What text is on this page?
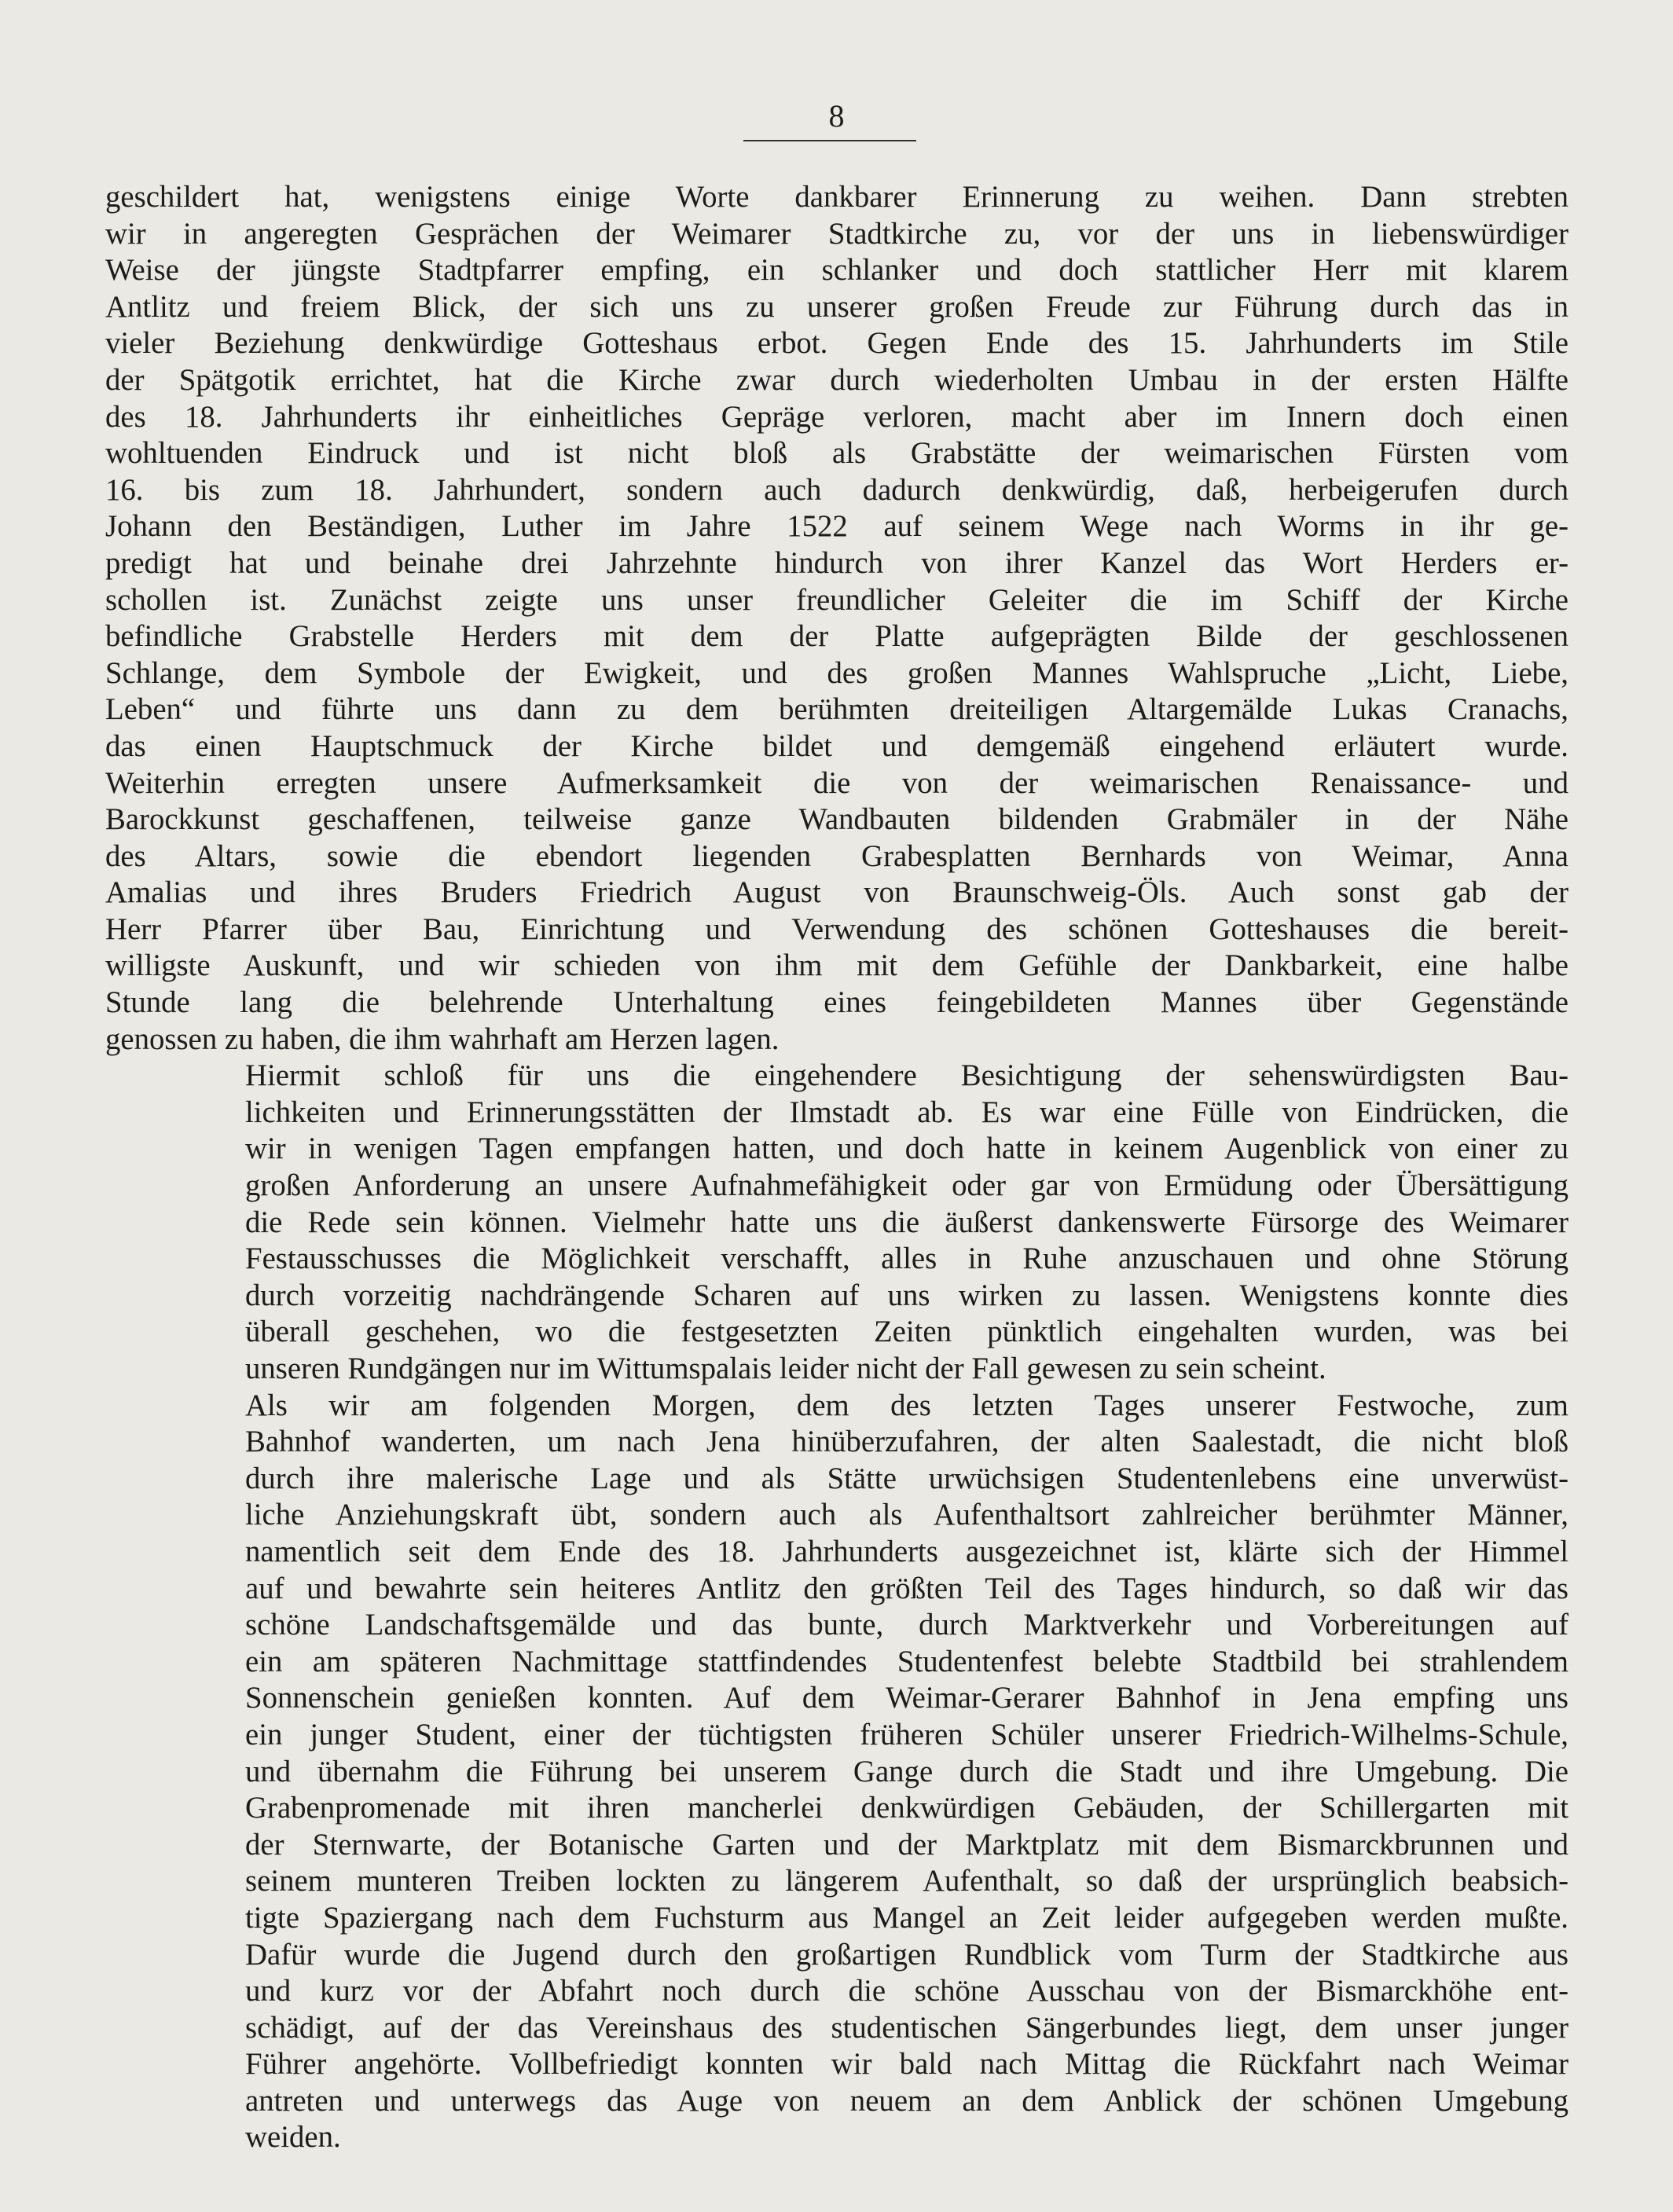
8
geschildert hat, wenigstens einige Worte dankbarer Erinnerung zu weihen. Dann strebten
wir in angeregten Gesprächen der Weimarer Stadtkirche zu, vor der uns in liebenswürdiger
Weise der jüngste Stadtpfarrer empfing, ein schlanker und doch stattlicher Herr mit klarem
Antlitz und freiem Blick, der sich uns zu unserer großen Freude zur Führung durch das in
vieler Beziehung denkwürdige Gotteshaus erbot. Gegen Ende des 15. Jahrhunderts im Stile
der Spätgotik errichtet, hat die Kirche zwar durch wiederholten Umbau in der ersten Hälfte
des 18. Jahrhunderts ihr einheitliches Gepräge verloren, macht aber im Innern doch einen
wohltuenden Eindruck und ist nicht bloß als Grabstätte der weimarischen Fürsten vom
16. bis zum 18. Jahrhundert, sondern auch dadurch denkwürdig, daß, herbeigerufen durch
Johann den Beständigen, Luther im Jahre 1522 auf seinem Wege nach Worms in ihr ge-
predigt hat und beinahe drei Jahrzehnte hindurch von ihrer Kanzel das Wort Herders er-
schollen ist. Zunächst zeigte uns unser freundlicher Geleiter die im Schiff der Kirche
befindliche Grabstelle Herders mit dem der Platte aufgeprägten Bilde der geschlossenen
Schlange, dem Symbole der Ewigkeit, und des großen Mannes Wahlspruche „Licht, Liebe,
Leben“ und führte uns dann zu dem berühmten dreiteiligen Altargemälde Lukas Cranachs,
das einen Hauptschmuck der Kirche bildet und demgemäß eingehend erläutert wurde.
Weiterhin erregten unsere Aufmerksamkeit die von der weimarischen Renaissance- und
Barockkunst geschaffenen, teilweise ganze Wandbauten bildenden Grabmäler in der Nähe
des Altars, sowie die ebendort liegenden Grabesplatten Bernhards von Weimar, Anna
Amalias und ihres Bruders Friedrich August von Braunschweig-Öls. Auch sonst gab der
Herr Pfarrer über Bau, Einrichtung und Verwendung des schönen Gotteshauses die bereit-
willigste Auskunft, und wir schieden von ihm mit dem Gefühle der Dankbarkeit, eine halbe
Stunde lang die belehrende Unterhaltung eines feingebildeten Mannes über Gegenstände
genossen zu haben, die ihm wahrhaft am Herzen lagen.
Hiermit schloß für uns die eingehendere Besichtigung der sehenswürdigsten Bau-
lichkeiten und Erinnerungsstätten der Ilmstadt ab. Es war eine Fülle von Eindrücken, die
wir in wenigen Tagen empfangen hatten, und doch hatte in keinem Augenblick von einer zu
großen Anforderung an unsere Aufnahmefähigkeit oder gar von Ermüdung oder Übersättigung
die Rede sein können. Vielmehr hatte uns die äußerst dankenswerte Fürsorge des Weimarer
Festausschusses die Möglichkeit verschafft, alles in Ruhe anzuschauen und ohne Störung
durch vorzeitig nachdrängende Scharen auf uns wirken zu lassen. Wenigstens konnte dies
überall geschehen, wo die festgesetzten Zeiten pünktlich eingehalten wurden, was bei
unseren Rundgängen nur im Wittumspalais leider nicht der Fall gewesen zu sein scheint.
Als wir am folgenden Morgen, dem des letzten Tages unserer Festwoche, zum
Bahnhof wanderten, um nach Jena hinüberzufahren, der alten Saalestadt, die nicht bloß
durch ihre malerische Lage und als Stätte urwüchsigen Studentenlebens eine unverwüst-
liche Anziehungskraft übt, sondern auch als Aufenthaltsort zahlreicher berühmter Männer,
namentlich seit dem Ende des 18. Jahrhunderts ausgezeichnet ist, klärte sich der Himmel
auf und bewahrte sein heiteres Antlitz den größten Teil des Tages hindurch, so daß wir das
schöne Landschaftsgemälde und das bunte, durch Marktverkehr und Vorbereitungen auf
ein am späteren Nachmittage stattfindendes Studentenfest belebte Stadtbild bei strahlendem
Sonnenschein genießen konnten. Auf dem Weimar-Gerarer Bahnhof in Jena empfing uns
ein junger Student, einer der tüchtigsten früheren Schüler unserer Friedrich-Wilhelms-Schule,
und übernahm die Führung bei unserem Gange durch die Stadt und ihre Umgebung. Die
Grabenpromenade mit ihren mancherlei denkwürdigen Gebäuden, der Schillergarten mit
der Sternwarte, der Botanische Garten und der Marktplatz mit dem Bismarckbrunnen und
seinem munteren Treiben lockten zu längerem Aufenthalt, so daß der ursprünglich beabsich-
tigte Spaziergang nach dem Fuchsturm aus Mangel an Zeit leider aufgegeben werden mußte.
Dafür wurde die Jugend durch den großartigen Rundblick vom Turm der Stadtkirche aus
und kurz vor der Abfahrt noch durch die schöne Ausschau von der Bismarckhöhe ent-
schädigt, auf der das Vereinshaus des studentischen Sängerbundes liegt, dem unser junger
Führer angehörte. Vollbefriedigt konnten wir bald nach Mittag die Rückfahrt nach Weimar
antreten und unterwegs das Auge von neuem an dem Anblick der schönen Umgebung
weiden.
